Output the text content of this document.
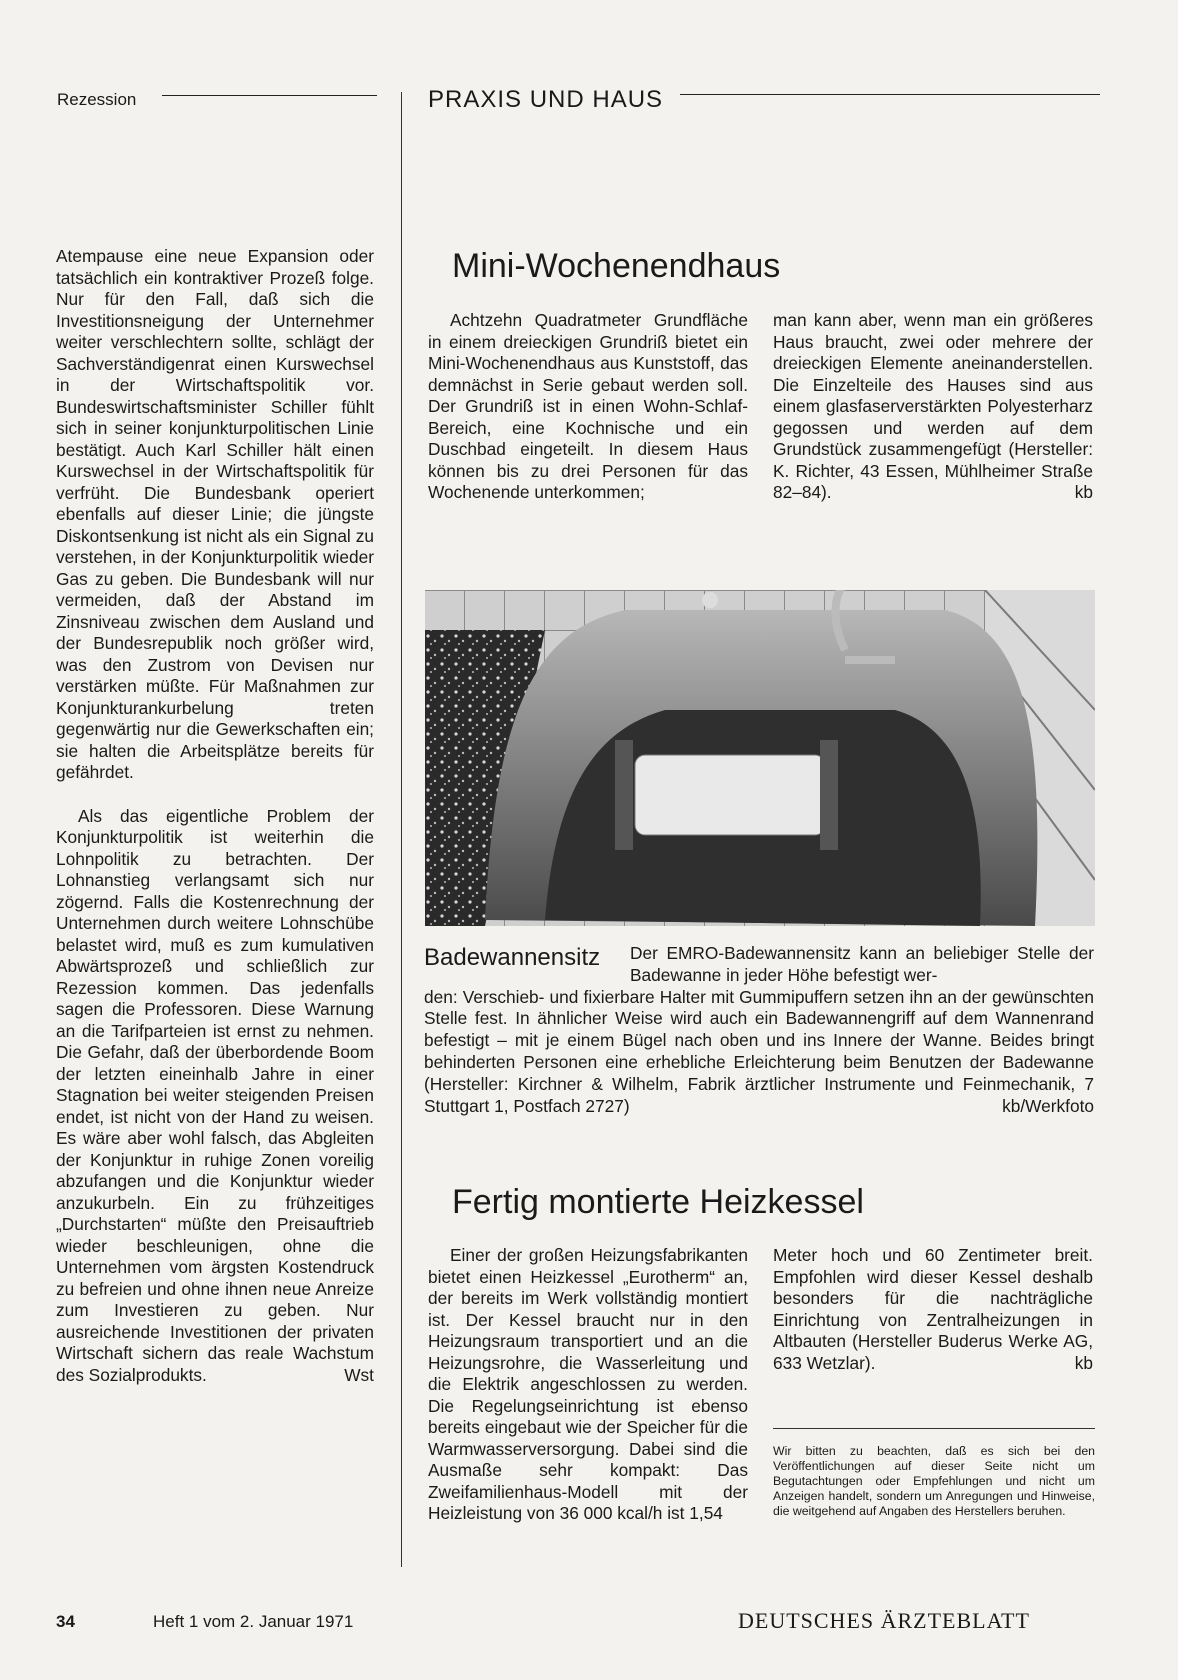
Rezession	PRAXIS UND HAUS

Atempause eine neue Expansion oder tatsächlich ein kontraktiver Prozeß folge. Nur für den Fall, daß sich die Investitionsneigung der Unternehmer weiter verschlechtern sollte, schlägt der Sachverständigenrat einen Kurswechsel in der Wirtschaftspolitik vor. Bundeswirtschaftsminister Schiller fühlt sich in seiner konjunkturpolitischen Linie bestätigt. Auch Karl Schiller hält einen Kurswechsel in der Wirtschaftspolitik für verfrüht. Die Bundesbank operiert ebenfalls auf dieser Linie; die jüngste Diskontsenkung ist nicht als ein Signal zu verstehen, in der Konjunkturpolitik wieder Gas zu geben. Die Bundesbank will nur vermeiden, daß der Abstand im Zinsniveau zwischen dem Ausland und der Bundesrepublik noch größer wird, was den Zustrom von Devisen nur verstärken müßte. Für Maßnahmen zur Konjunkturankurbelung treten gegenwärtig nur die Gewerkschaften ein; sie halten die Arbeitsplätze bereits für gefährdet.

Als das eigentliche Problem der Konjunkturpolitik ist weiterhin die Lohnpolitik zu betrachten. Der Lohnanstieg verlangsamt sich nur zögernd. Falls die Kostenrechnung der Unternehmen durch weitere Lohnschübe belastet wird, muß es zum kumulativen Abwärtsprozeß und schließlich zur Rezession kommen. Das jedenfalls sagen die Professoren. Diese Warnung an die Tarifparteien ist ernst zu nehmen. Die Gefahr, daß der überbordende Boom der letzten eineinhalb Jahre in einer Stagnation bei weiter steigenden Preisen endet, ist nicht von der Hand zu weisen. Es wäre aber wohl falsch, das Abgleiten der Konjunktur in ruhige Zonen voreilig abzufangen und die Konjunktur wieder anzukurbeln. Ein zu frühzeitiges „Durchstarten“ müßte den Preisauftrieb wieder beschleunigen, ohne die Unternehmen vom ärgsten Kostendruck zu befreien und ohne ihnen neue Anreize zum Investieren zu geben. Nur ausreichende Investitionen der privaten Wirtschaft sichern das reale Wachstum des Sozialprodukts.	Wst

Mini-Wochenendhaus
Achtzehn Quadratmeter Grundfläche in einem dreieckigen Grundriß bietet ein Mini-Wochenendhaus aus Kunststoff, das demnächst in Serie gebaut werden soll. Der Grundriß ist in einen Wohn-Schlaf-Bereich, eine Kochnische und ein Duschbad eingeteilt. In diesem Haus können bis zu drei Personen für das Wochenende unterkommen;
man kann aber, wenn man ein größeres Haus braucht, zwei oder mehrere der dreieckigen Elemente aneinanderstellen. Die Einzelteile des Hauses sind aus einem glasfaserverstärkten Polyesterharz gegossen und werden auf dem Grundstück zusammengefügt (Hersteller: K. Richter, 43 Essen, Mühlheimer Straße 82–84).	kb
Badewannensitz Der EMRO-Badewannensitz kann an beliebiger Stelle der Badewanne in jeder Höhe befestigt wer-
den: Verschieb- und fixierbare Halter mit Gummipuffern setzen ihn an der gewünschten Stelle fest. In ähnlicher Weise wird auch ein Badewannengriff auf dem Wannenrand befestigt – mit je einem Bügel nach oben und ins Innere der Wanne. Beides bringt behinderten Personen eine erhebliche Erleichterung beim Benutzen der Badewanne (Hersteller: Kirchner & Wilhelm, Fabrik ärztlicher Instrumente und Feinmechanik, 7 Stuttgart 1, Postfach 2727)	kb/Werkfoto
Fertig montierte Heizkessel
Einer der großen Heizungsfabrikanten bietet einen Heizkessel „Eurotherm“ an, der bereits im Werk vollständig montiert ist. Der Kessel braucht nur in den Heizungsraum transportiert und an die Heizungsrohre, die Wasserleitung und die Elektrik angeschlossen zu werden. Die Regelungseinrichtung ist ebenso bereits eingebaut wie der Speicher für die Warmwasserversorgung. Dabei sind die Ausmaße sehr kompakt: Das Zweifamilienhaus-Modell mit der Heizleistung von 36 000 kcal/h ist 1,54
Meter hoch und 60 Zentimeter breit. Empfohlen wird dieser Kessel deshalb besonders für die nachträgliche Einrichtung von Zentralheizungen in Altbauten (Hersteller Buderus Werke AG, 633 Wetzlar).	kb
Wir bitten zu beachten, daß es sich bei den Veröffentlichungen auf dieser Seite nicht um Begutachtungen oder Empfehlungen und nicht um Anzeigen handelt, sondern um Anregungen und Hinweise, die weitgehend auf Angaben des Herstellers beruhen.
34	Heft 1 vom 2. Januar 1971	DEUTSCHES ÄRZTEBLATT
